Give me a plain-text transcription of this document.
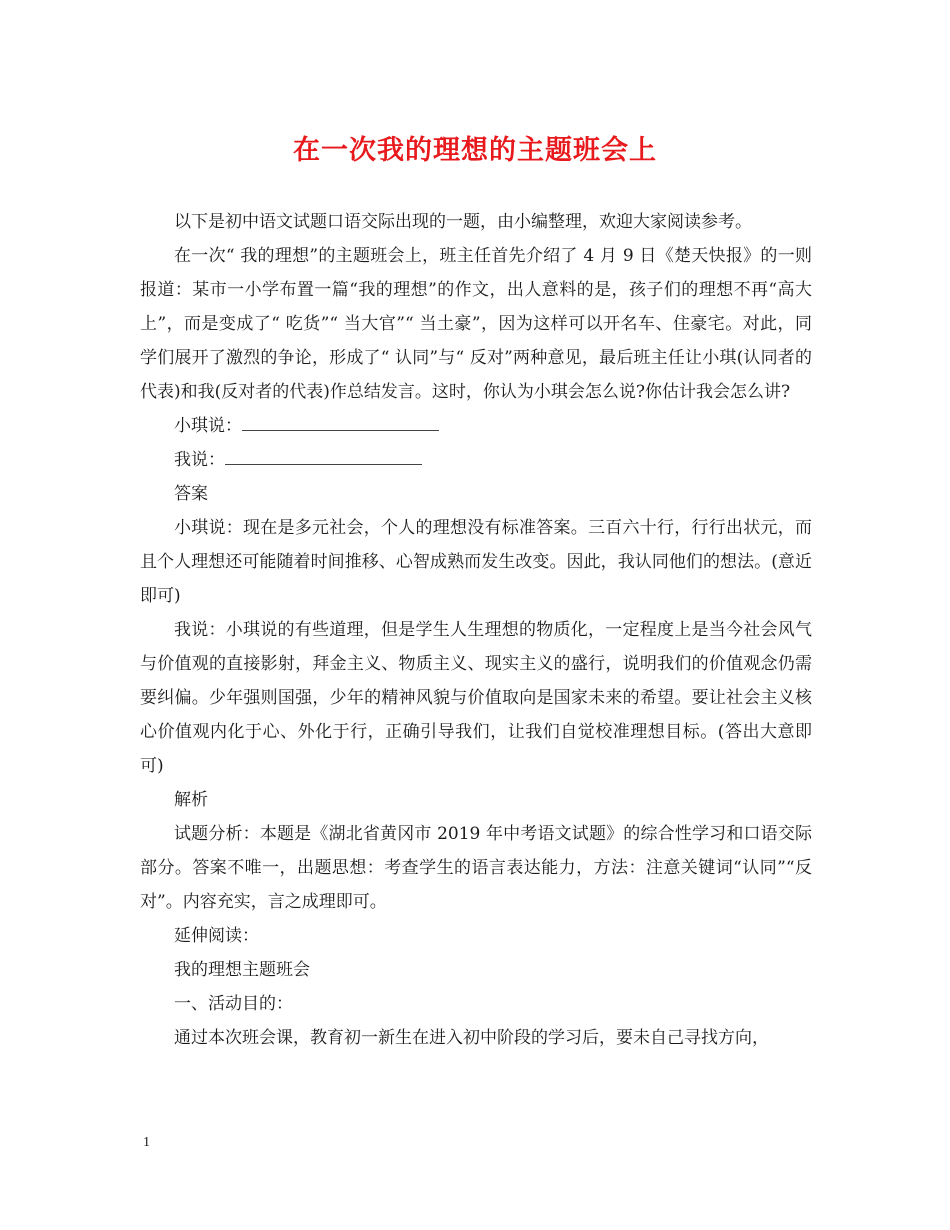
在一次我的理想的主题班会上

以下是初中语文试题口语交际出现的一题，由小编整理，欢迎大家阅读参考。

在一次“ 我的理想”的主题班会上，班主任首先介绍了 4 月 9 日《楚天快报》的一则报道：某市一小学布置一篇“我的理想”的作文，出人意料的是，孩子们的理想不再“高大上”，而是变成了“ 吃货”“ 当大官”“ 当土豪”，因为这样可以开名车、住豪宅。对此，同学们展开了激烈的争论，形成了“ 认同”与“ 反对”两种意见，最后班主任让小琪(认同者的代表)和我(反对者的代表)作总结发言。这时，你认为小琪会怎么说?你估计我会怎么讲?

小琪说：

我说：

答案

小琪说：现在是多元社会，个人的理想没有标准答案。三百六十行，行行出状元，而且个人理想还可能随着时间推移、心智成熟而发生改变。因此，我认同他们的想法。(意近即可)

我说：小琪说的有些道理，但是学生人生理想的物质化，一定程度上是当今社会风气与价值观的直接影射，拜金主义、物质主义、现实主义的盛行，说明我们的价值观念仍需要纠偏。少年强则国强，少年的精神风貌与价值取向是国家未来的希望。要让社会主义核心价值观内化于心、外化于行，正确引导我们，让我们自觉校准理想目标。(答出大意即可)

解析

试题分析：本题是《湖北省黄冈市 2019 年中考语文试题》的综合性学习和口语交际部分。答案不唯一，出题思想：考查学生的语言表达能力，方法：注意关键词“认同”“反对”。内容充实，言之成理即可。

延伸阅读：

我的理想主题班会

一、活动目的：

通过本次班会课，教育初一新生在进入初中阶段的学习后，要未自己寻找方向，

1
